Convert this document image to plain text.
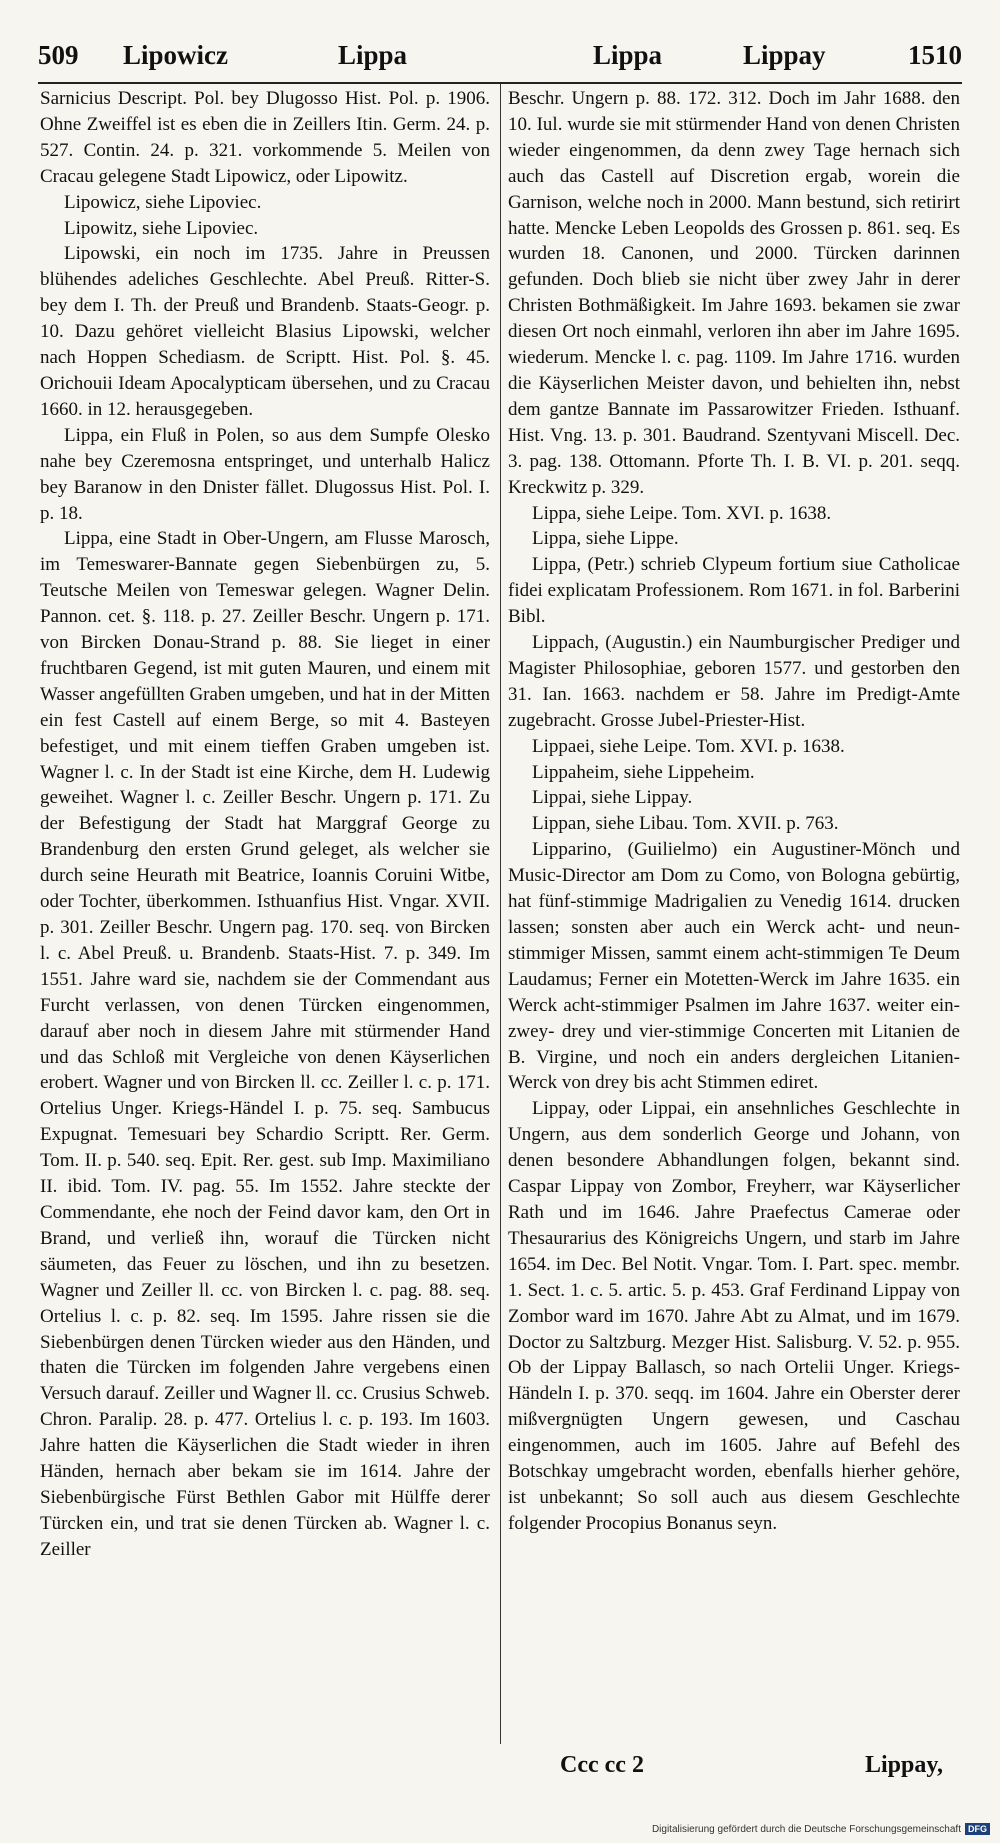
509 Lipowicz	Lippa	Lippa	Lippay	1510

Sarnicius Descript. Pol. bey Dlugosso Hist. Pol. p. 1906. Ohne Zweiffel ist es eben die in Zeillers Itin. Germ. 24. p. 527. Contin. 24. p. 321. vorkommende 5. Meilen von Cracau gelegene Stadt Lipowicz, oder Lipowitz.

Lipowicz, siehe Lipoviec.

Lipowitz, siehe Lipoviec.

Lipowski, ein noch im 1735. Jahre in Preussen blühendes adeliches Geschlechte. Abel Preuß. Ritter-S. bey dem I. Th. der Preuß und Brandenb. Staats-Geogr. p. 10. Dazu gehöret vielleicht Blasius Lipowski, welcher nach Hoppen Schediasm. de Scriptt. Hist. Pol. §. 45. Orichouii Ideam Apocalypticam übersehen, und zu Cracau 1660. in 12. herausgegeben.

Lippa, ein Fluß in Polen, so aus dem Sumpfe Olesko nahe bey Czeremosna entspringet, und unterhalb Halicz bey Baranow in den Dnister fället. Dlugossus Hist. Pol. I. p. 18.

Lippa, eine Stadt in Ober-Ungern, am Flusse Marosch, im Temeswarer-Bannate gegen Siebenbürgen zu, 5. Teutsche Meilen von Temeswar gelegen. Wagner Delin. Pannon. cet. §. 118. p. 27. Zeiller Beschr. Ungern p. 171. von Bircken Donau-Strand p. 88. Sie lieget in einer fruchtbaren Gegend, ist mit guten Mauren, und einem mit Wasser angefüllten Graben umgeben, und hat in der Mitten ein fest Castell auf einem Berge, so mit 4. Basteyen befestiget, und mit einem tieffen Graben umgeben ist. Wagner l. c. In der Stadt ist eine Kirche, dem H. Ludewig geweihet. Wagner l. c. Zeiller Beschr. Ungern p. 171. Zu der Befestigung der Stadt hat Marggraf George zu Brandenburg den ersten Grund geleget, als welcher sie durch seine Heurath mit Beatrice, Ioannis Coruini Witbe, oder Tochter, überkommen. Isthuanfius Hist. Vngar. XVII. p. 301. Zeiller Beschr. Ungern pag. 170. seq. von Bircken l. c. Abel Preuß. u. Brandenb. Staats-Hist. 7. p. 349. Im 1551. Jahre ward sie, nachdem sie der Commendant aus Furcht verlassen, von denen Türcken eingenommen, darauf aber noch in diesem Jahre mit stürmender Hand und das Schloß mit Vergleiche von denen Käyserlichen erobert. Wagner und von Bircken ll. cc. Zeiller l. c. p. 171. Ortelius Unger. Kriegs-Händel I. p. 75. seq. Sambucus Expugnat. Temesuari bey Schardio Scriptt. Rer. Germ. Tom. II. p. 540. seq. Epit. Rer. gest. sub Imp. Maximiliano II. ibid. Tom. IV. pag. 55. Im 1552. Jahre steckte der Commendante, ehe noch der Feind davor kam, den Ort in Brand, und verließ ihn, worauf die Türcken nicht säumeten, das Feuer zu löschen, und ihn zu besetzen. Wagner und Zeiller ll. cc. von Bircken l. c. pag. 88. seq. Ortelius l. c. p. 82. seq. Im 1595. Jahre rissen sie die Siebenbürgen denen Türcken wieder aus den Händen, und thaten die Türcken im folgenden Jahre vergebens einen Versuch darauf. Zeiller und Wagner ll. cc. Crusius Schweb. Chron. Paralip. 28. p. 477. Ortelius l. c. p. 193. Im 1603. Jahre hatten die Käyserlichen die Stadt wieder in ihren Händen, hernach aber bekam sie im 1614. Jahre der Siebenbürgische Fürst Bethlen Gabor mit Hülffe derer Türcken ein, und trat sie denen Türcken ab. Wagner l. c. Zeiller

Beschr. Ungern p. 88. 172. 312. Doch im Jahr 1688. den 10. Iul. wurde sie mit stürmender Hand von denen Christen wieder eingenommen, da denn zwey Tage hernach sich auch das Castell auf Discretion ergab, worein die Garnison, welche noch in 2000. Mann bestund, sich retirirt hatte. Mencke Leben Leopolds des Grossen p. 861. seq. Es wurden 18. Canonen, und 2000. Türcken darinnen gefunden. Doch blieb sie nicht über zwey Jahr in derer Christen Bothmäßigkeit. Im Jahre 1693. bekamen sie zwar diesen Ort noch einmahl, verloren ihn aber im Jahre 1695. wiederum. Mencke l. c. pag. 1109. Im Jahre 1716. wurden die Käyserlichen Meister davon, und behielten ihn, nebst dem gantze Bannate im Passarowitzer Frieden. Isthuanf. Hist. Vng. 13. p. 301. Baudrand. Szentyvani Miscell. Dec. 3. pag. 138. Ottomann. Pforte Th. I. B. VI. p. 201. seqq. Kreckwitz p. 329.

Lippa, siehe Leipe. Tom. XVI. p. 1638.

Lippa, siehe Lippe.

Lippa, (Petr.) schrieb Clypeum fortium siue Catholicae fidei explicatam Professionem. Rom 1671. in fol. Barberini Bibl.

Lippach, (Augustin.) ein Naumburgischer Prediger und Magister Philosophiae, geboren 1577. und gestorben den 31. Ian. 1663. nachdem er 58. Jahre im Predigt-Amte zugebracht. Grosse Jubel-Priester-Hist.

Lippaei, siehe Leipe. Tom. XVI. p. 1638.

Lippaheim, siehe Lippeheim.

Lippai, siehe Lippay.

Lippan, siehe Libau. Tom. XVII. p. 763.

Lipparino, (Guilielmo) ein Augustiner-Mönch und Music-Director am Dom zu Como, von Bologna gebürtig, hat fünf-stimmige Madrigalien zu Venedig 1614. drucken lassen; sonsten aber auch ein Werck acht- und neun-stimmiger Missen, sammt einem acht-stimmigen Te Deum Laudamus; Ferner ein Motetten-Werck im Jahre 1635. ein Werck acht-stimmiger Psalmen im Jahre 1637. weiter ein- zwey- drey und vier-stimmige Concerten mit Litanien de B. Virgine, und noch ein anders dergleichen Litanien-Werck von drey bis acht Stimmen ediret.

Lippay, oder Lippai, ein ansehnliches Geschlechte in Ungern, aus dem sonderlich George und Johann, von denen besondere Abhandlungen folgen, bekannt sind. Caspar Lippay von Zombor, Freyherr, war Käyserlicher Rath und im 1646. Jahre Praefectus Camerae oder Thesaurarius des Königreichs Ungern, und starb im Jahre 1654. im Dec. Bel Notit. Vngar. Tom. I. Part. spec. membr. 1. Sect. 1. c. 5. artic. 5. p. 453. Graf Ferdinand Lippay von Zombor ward im 1670. Jahre Abt zu Almat, und im 1679. Doctor zu Saltzburg. Mezger Hist. Salisburg. V. 52. p. 955. Ob der Lippay Ballasch, so nach Ortelii Unger. Kriegs-Händeln I. p. 370. seqq. im 1604. Jahre ein Oberster derer mißvergnügten Ungern gewesen, und Caschau eingenommen, auch im 1605. Jahre auf Befehl des Botschkay umgebracht worden, ebenfalls hierher gehöre, ist unbekannt; So soll auch aus diesem Geschlechte folgender Procopius Bonanus seyn.

Ccc cc 2	Lippay,
Digitalisierung gefördert durch die Deutsche Forschungsgemeinschaft DFG
